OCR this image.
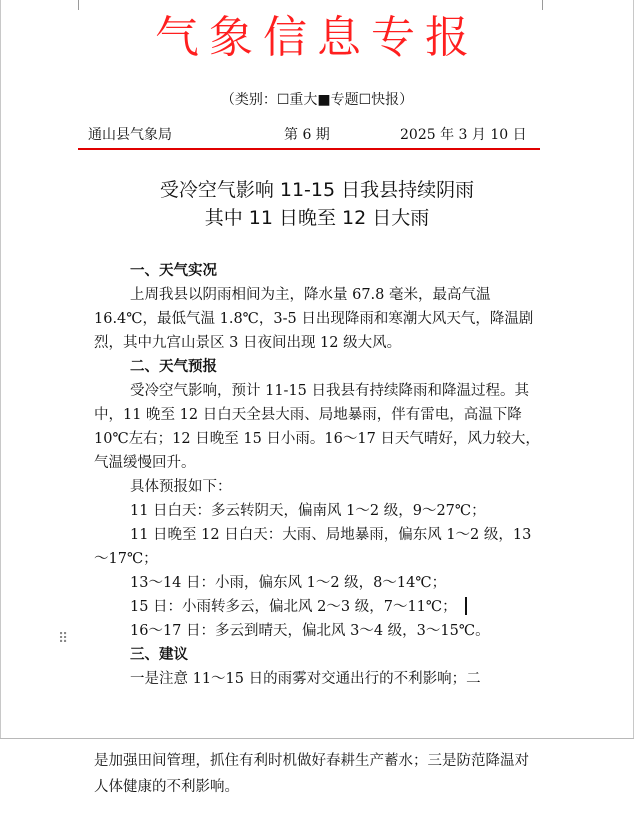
气象信息专报
（类别：☐重大■专题☐快报）
通山县气象局	第 6 期	2025 年 3 月 10 日
受冷空气影响 11-15 日我县持续阴雨
其中 11 日晚至 12 日大雨

一、天气实况

上周我县以阴雨相间为主，降水量 67.8 毫米，最高气温 16.4℃，最低气温 1.8℃，3-5 日出现降雨和寒潮大风天气，降温剧烈，其中九宫山景区 3 日夜间出现 12 级大风。

二、天气预报

受冷空气影响，预计 11-15 日我县有持续降雨和降温过程。其中，11 晚至 12 日白天全县大雨、局地暴雨，伴有雷电，高温下降 10℃左右；12 日晚至 15 日小雨。16～17 日天气晴好，风力较大，气温缓慢回升。

具体预报如下：

11 日白天：多云转阴天，偏南风 1～2 级，9～27℃；

11 日晚至 12 日白天：大雨、局地暴雨，偏东风 1～2 级，13～17℃；

13～14 日：小雨，偏东风 1～2 级，8～14℃；

15 日：小雨转多云，偏北风 2～3 级，7～11℃；

16～17 日：多云到晴天，偏北风 3～4 级，3～15℃。

三、建议

一是注意 11～15 日的雨雾对交通出行的不利影响；二

⠿

是加强田间管理，抓住有利时机做好春耕生产蓄水；三是防范降温对人体健康的不利影响。
